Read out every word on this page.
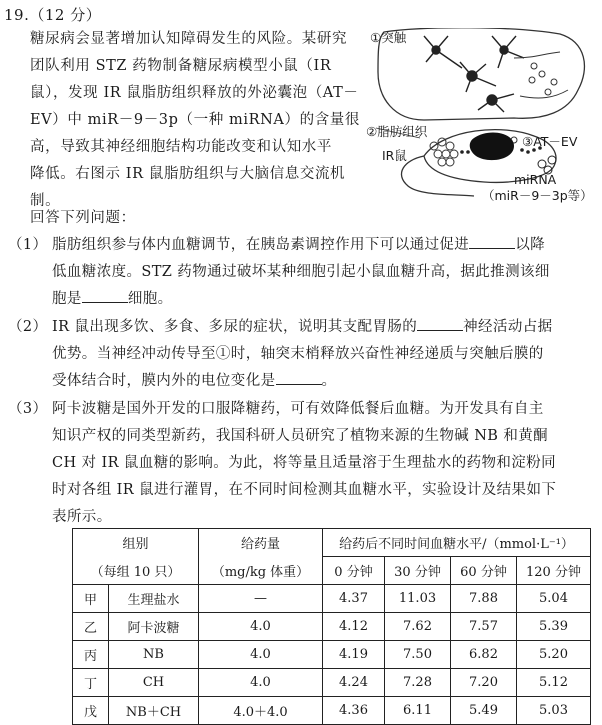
19.（12 分）

糖尿病会显著增加认知障碍发生的风险。某研究

团队利用 STZ 药物制备糖尿病模型小鼠（IR

鼠），发现 IR 鼠脂肪组织释放的外泌囊泡（AT－

EV）中 miR－9－3p（一种 miRNA）的含量很

高，导致其神经细胞结构功能改变和认知水平

降低。右图示 IR 鼠脂肪组织与大脑信息交流机

制。

①突触
②脂肪组织
IR鼠
③AT－EV
miRNA
（miR－9－3p等）
回答下列问题：
（1） 脂肪组织参与体内血糖调节，在胰岛素调控作用下可以通过促进	以降

低血糖浓度。STZ 药物通过破坏某种细胞引起小鼠血糖升高，据此推测该细

胞是	细胞。

（2） IR 鼠出现多饮、多食、多尿的症状，说明其支配胃肠的	神经活动占据

优势。当神经冲动传导至①时，轴突末梢释放兴奋性神经递质与突触后膜的

受体结合时，膜内外的电位变化是	。

（3） 阿卡波糖是国外开发的口服降糖药，可有效降低餐后血糖。为开发具有自主

知识产权的同类型新药，我国科研人员研究了植物来源的生物碱 NB 和黄酮

CH 对 IR 鼠血糖的影响。为此，将等量且适量溶于生理盐水的药物和淀粉同

时对各组 IR 鼠进行灌胃，在不同时间检测其血糖水平，实验设计及结果如下

表所示。

组别		给药量	给药后不同时间血糖水平/（mmol·L⁻¹）			
（每组 10 只）		（mg/kg 体重）	0 分钟	30 分钟	60 分钟	120 分钟
甲	生理盐水	—	4.37	11.03	7.88	5.04
乙	阿卡波糖	4.0	4.12	7.62	7.57	5.39
丙	NB	4.0	4.19	7.50	6.82	5.20
丁	CH	4.0	4.24	7.28	7.20	5.12
戊	NB＋CH	4.0＋4.0	4.36	6.11	5.49	5.03
